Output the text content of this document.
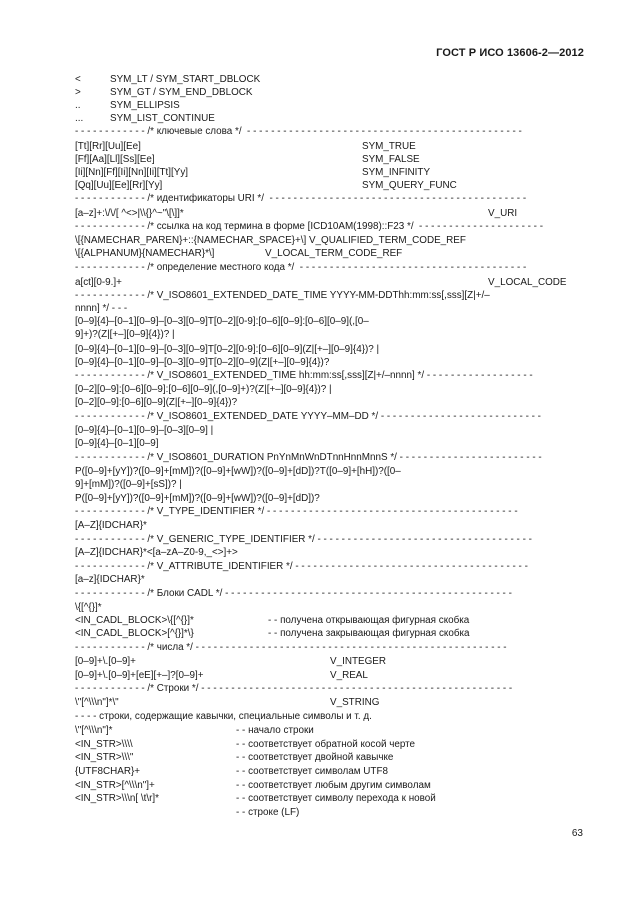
ГОСТ Р ИСО 13606-2—2012
<	SYM_LT / SYM_START_DBLOCK
>	SYM_GT / SYM_END_DBLOCK
..	SYM_ELLIPSIS
...	SYM_LIST_CONTINUE
- - - - - - - - - - - - /* ключевые слова */  - - - - - - - - - - - - - - - - - - - - - - - - - - - - - - - - - - - - - - - - - - - - - -
[Tt][Rr][Uu][Ee]	SYM_TRUE
[Ff][Aa][Ll][Ss][Ee]	SYM_FALSE
[Ii][Nn][Ff][Ii][Nn][Ii][Tt][Yy]	SYM_INFINITY
[Qq][Uu][Ee][Rr][Yy]	SYM_QUERY_FUNC
- - - - - - - - - - - - /* идентификаторы URI */  - - - - - - - - - - - - - - - - - - - - - - - - - - - - - - - - - - - - - - - - - - -
[a–z]+:\/\/[ ^<>|\\{}^~"\[\]]*	V_URI
- - - - - - - - - - - - /* ссылка на код термина в форме [ICD10AM(1998)::F23 */  - - - - - - - - - - - - - - - - - - - - -
\[{NAMECHAR_PAREN}+::{NAMECHAR_SPACE}+\] V_QUALIFIED_TERM_CODE_REF
\[{ALPHANUM}{NAMECHAR}*\]	V_LOCAL_TERM_CODE_REF
- - - - - - - - - - - - /* определение местного кода */  - - - - - - - - - - - - - - - - - - - - - - - - - - - - - - - - - - - - - -
a[ct][0-9.]+	V_LOCAL_CODE
- - - - - - - - - - - - /* V_ISO8601_EXTENDED_DATE_TIME YYYY-MM-DDThh:mm:ss[,sss][Z|+/–
nnnn] */ - - -
[0–9]{4}–[0–1][0–9]–[0–3][0–9]T[0–2][0-9]:[0–6][0–9]:[0–6][0–9](,[0–
9]+)?(Z|[+–][0–9]{4})? |
[0–9]{4}–[0–1][0–9]–[0–3][0–9]T[0–2][0-9]:[0–6][0–9](Z|[+–][0–9]{4})? |
[0–9]{4}–[0–1][0–9]–[0–3][0–9]T[0–2][0–9](Z|[+–][0–9]{4})?
- - - - - - - - - - - - /* V_ISO8601_EXTENDED_TIME hh:mm:ss[,sss][Z|+/–nnnn] */ - - - - - - - - - - - - - - - - - -
[0–2][0–9]:[0–6][0–9]:[0–6][0–9](,[0–9]+)?(Z|[+–][0–9]{4})? |
[0–2][0–9]:[0–6][0–9](Z|[+–][0–9]{4})?
- - - - - - - - - - - - /* V_ISO8601_EXTENDED_DATE YYYY–MM–DD */ - - - - - - - - - - - - - - - - - - - - - - - - - - -
[0–9]{4}–[0–1][0–9]–[0–3][0–9] |
[0–9]{4}–[0–1][0–9]
- - - - - - - - - - - - /* V_ISO8601_DURATION PnYnMnWnDTnnHnnMnnS */ - - - - - - - - - - - - - - - - - - - - - - - -
P([0–9]+[yY])?([0–9]+[mM])?([0–9]+[wW])?([0–9]+[dD])?T([0–9]+[hH])?([0–
9]+[mM])?([0–9]+[sS])? |
P([0–9]+[yY])?([0–9]+[mM])?([0–9]+[wW])?([0–9]+[dD])?
- - - - - - - - - - - - /* V_TYPE_IDENTIFIER */ - - - - - - - - - - - - - - - - - - - - - - - - - - - - - - - - - - - - - - - - - -
[A–Z]{IDCHAR}*
- - - - - - - - - - - - /* V_GENERIC_TYPE_IDENTIFIER */ - - - - - - - - - - - - - - - - - - - - - - - - - - - - - - - - - - - -
[A–Z]{IDCHAR}*<[a–zA–Z0-9,_<>]+>
- - - - - - - - - - - - /* V_ATTRIBUTE_IDENTIFIER */ - - - - - - - - - - - - - - - - - - - - - - - - - - - - - - - - - - - - - - -
[a–z]{IDCHAR}*
- - - - - - - - - - - - /* Блоки CADL */ - - - - - - - - - - - - - - - - - - - - - - - - - - - - - - - - - - - - - - - - - - - - - - - -
\{[^{}]*
<IN_CADL_BLOCK>\{[^{}]*	- - получена открывающая фигурная скобка
<IN_CADL_BLOCK>[^{}]*\}	- - получена закрывающая фигурная скобка
- - - - - - - - - - - - /* числа */ - - - - - - - - - - - - - - - - - - - - - - - - - - - - - - - - - - - - - - - - - - - - - - - - - - - -
[0–9]+\.[0–9]+	V_INTEGER
[0–9]+\.[0–9]+[eE][+–]?[0–9]+	V_REAL
- - - - - - - - - - - - /* Строки */ - - - - - - - - - - - - - - - - - - - - - - - - - - - - - - - - - - - - - - - - - - - - - - - - - - - -
\"[^\\\n"]*\"	V_STRING
- - - - строки, содержащие кавычки, специальные символы и т. д.
\"[^\\\n"]*	- - начало строки
<IN_STR>\\\\	- - соответствует обратной косой черте
<IN_STR>\\\"	- - соответствует двойной кавычке
{UTF8CHAR}+	- - соответствует символам UTF8
<IN_STR>[^\\\n"]+	- - соответствует любым другим символам
<IN_STR>\\\n[ \t\r]*	- - соответствует символу перехода к новой
- - строке (LF)
63
